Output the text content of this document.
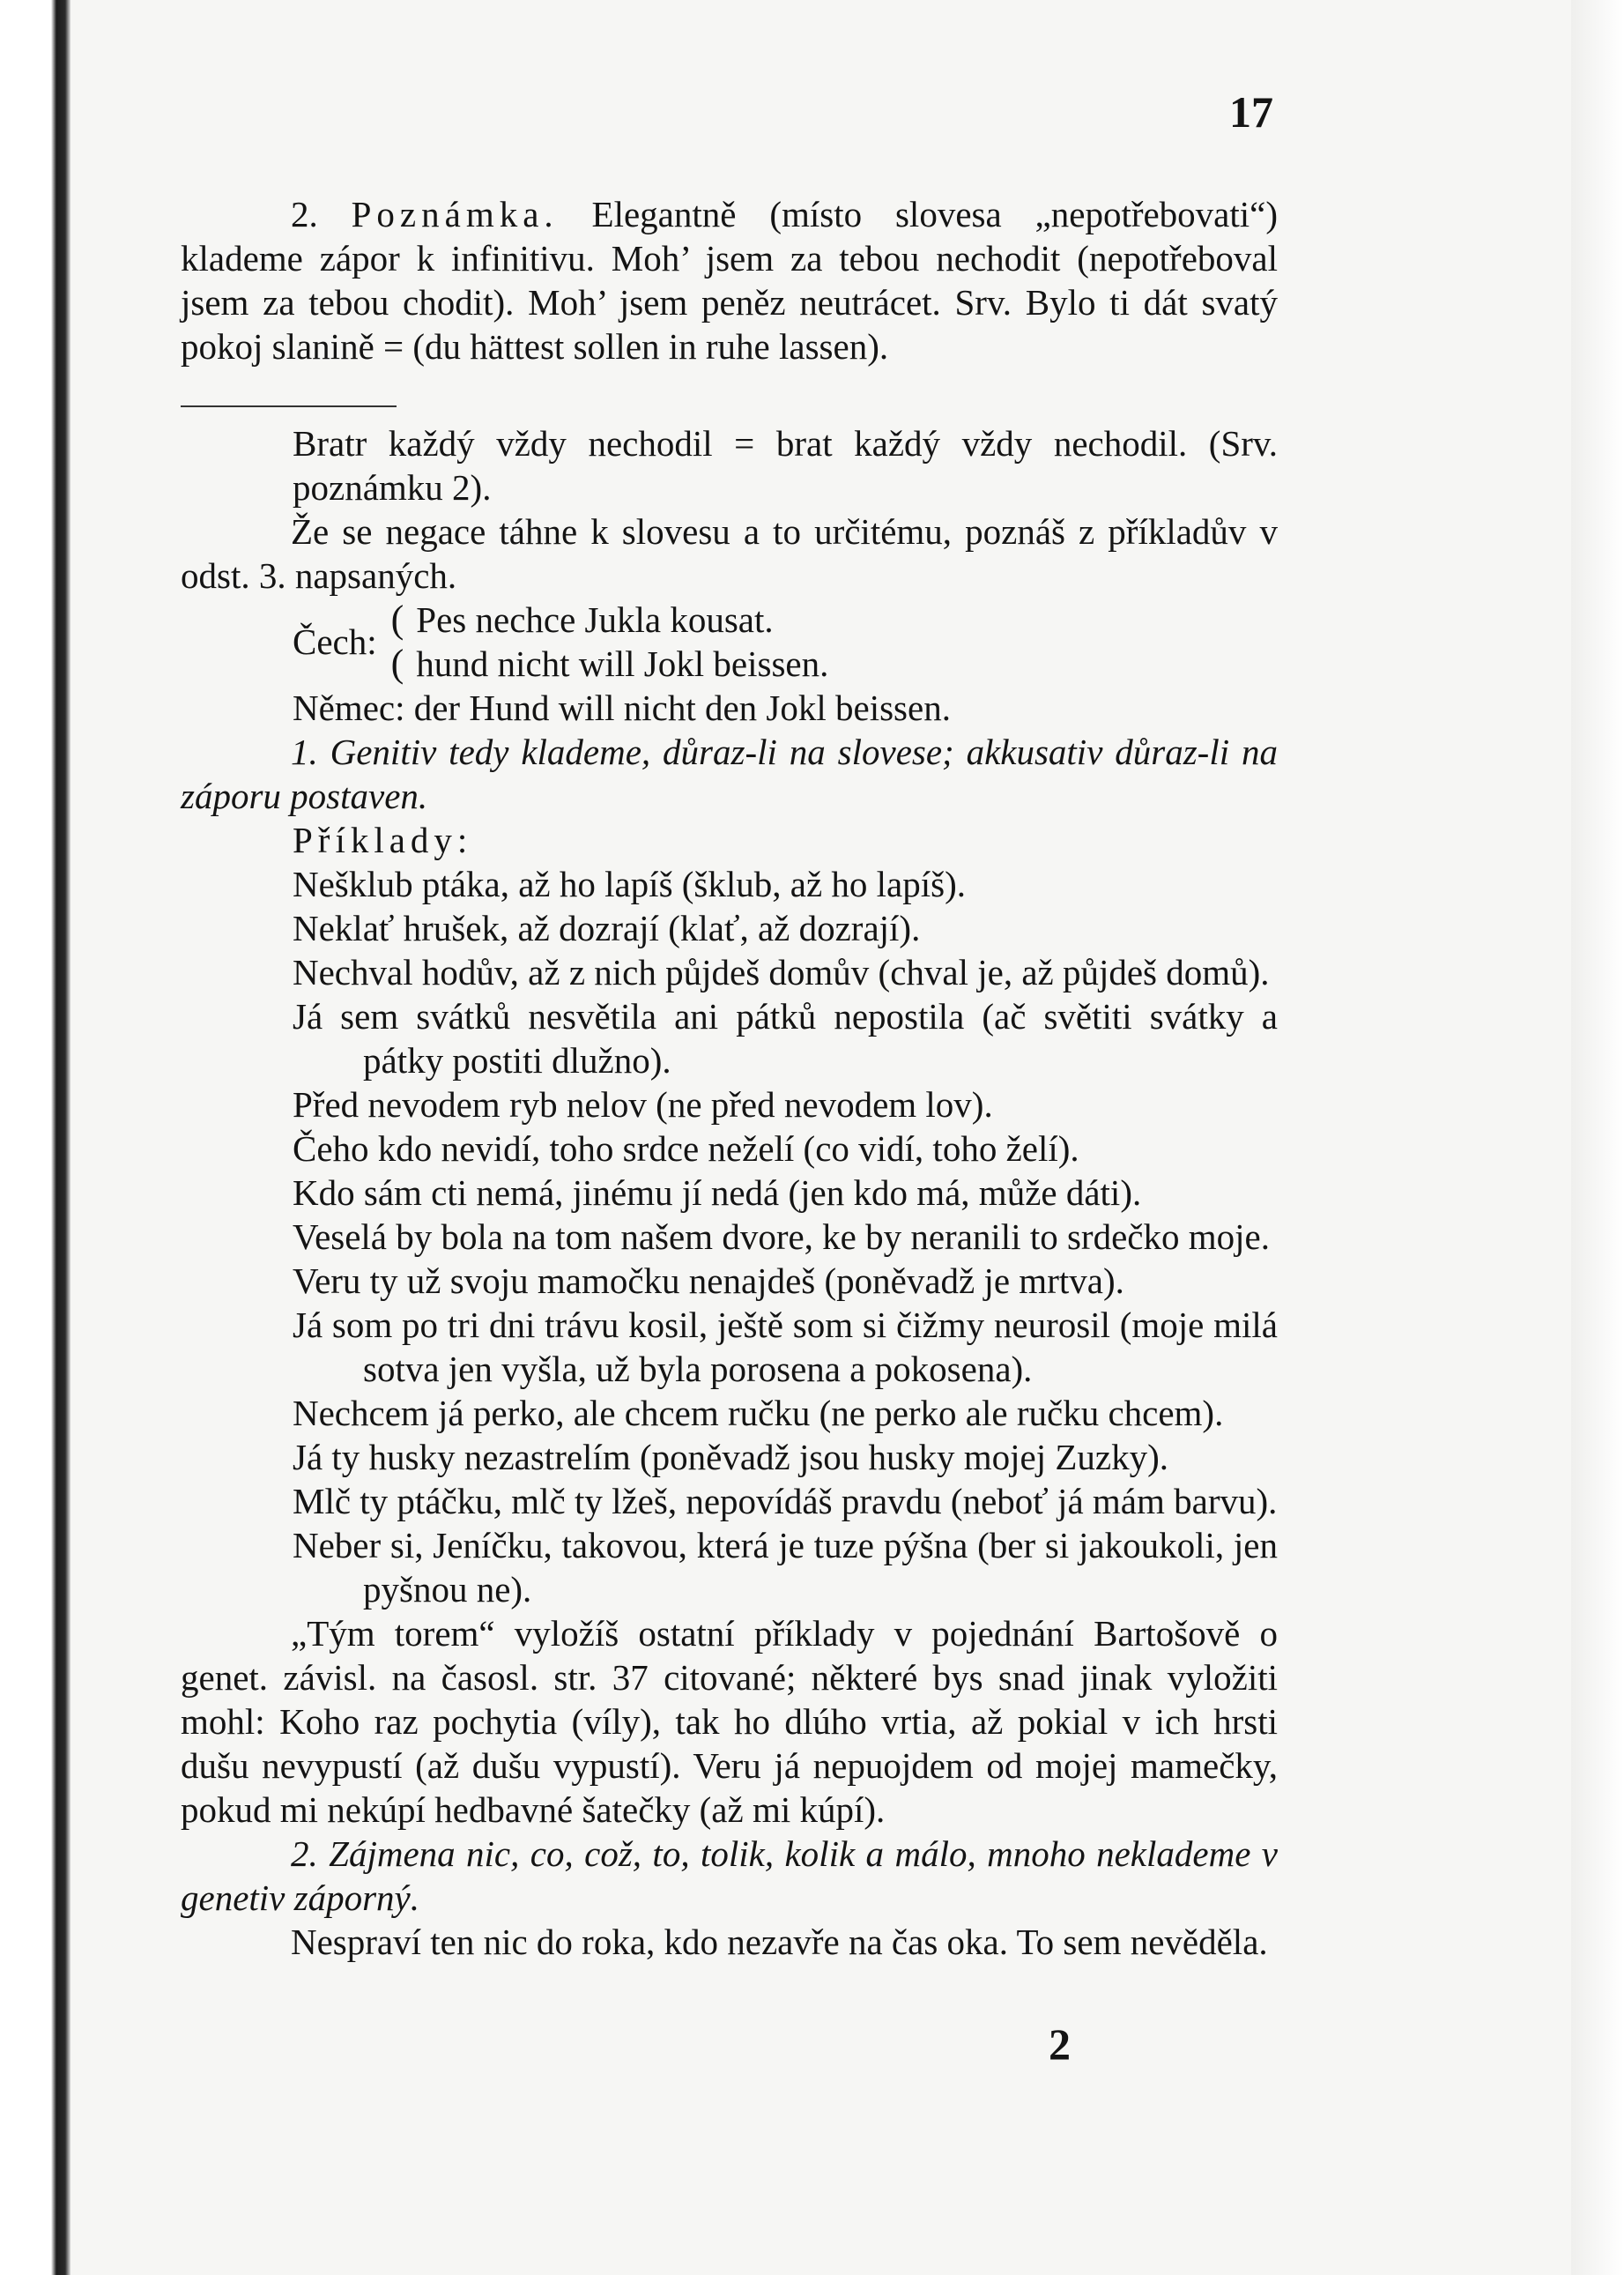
17

2. Poznámka. Elegantně (místo slovesa „nepotřebovati“) klademe zápor k infinitivu. Moh’ jsem za tebou nechodit (nepotřeboval jsem za tebou chodit). Moh’ jsem peněz neutrácet. Srv. Bylo ti dát svatý pokoj slanině = (du hättest sollen in ruhe lassen).

Bratr každý vždy nechodil = brat každý vždy nechodil. (Srv. poznámku 2).

Že se negace táhne k slovesu a to určitému, poznáš z příkladův v odst. 3. napsaných.

Čech:
( Pes nechce Jukla kousat.
( hund nicht will Jokl beissen.

Němec: der Hund will nicht den Jokl beissen.

1. Genitiv tedy klademe, důraz-li na slovese; akkusativ důraz-li na záporu postaven.

Příklady:

Nešklub ptáka, až ho lapíš (šklub, až ho lapíš).

Neklať hrušek, až dozrají (klať, až dozrají).

Nechval hodův, až z nich půjdeš domův (chval je, až půjdeš domů).

Já sem svátků nesvětila ani pátků nepostila (ač světiti svátky a pátky postiti dlužno).

Před nevodem ryb nelov (ne před nevodem lov).

Čeho kdo nevidí, toho srdce neželí (co vidí, toho želí).

Kdo sám cti nemá, jinému jí nedá (jen kdo má, může dáti).

Veselá by bola na tom našem dvore, ke by neranili to srdečko moje.

Veru ty už svoju mamočku nenajdeš (poněvadž je mrtva).

Já som po tri dni trávu kosil, ještě som si čižmy neurosil (moje milá sotva jen vyšla, už byla porosena a pokosena).

Nechcem já perko, ale chcem ručku (ne perko ale ručku chcem).

Já ty husky nezastrelím (poněvadž jsou husky mojej Zuzky).

Mlč ty ptáčku, mlč ty lžeš, nepovídáš pravdu (neboť já mám barvu).

Neber si, Jeníčku, takovou, která je tuze pýšna (ber si jakoukoli, jen pyšnou ne).

„Tým torem“ vyložíš ostatní příklady v pojednání Bartošově o genet. závisl. na časosl. str. 37 citované; některé bys snad jinak vyložiti mohl: Koho raz pochytia (víly), tak ho dlúho vrtia, až pokial v ich hrsti dušu nevypustí (až dušu vypustí). Veru já nepuojdem od mojej mamečky, pokud mi nekúpí hedbavné šatečky (až mi kúpí).

2. Zájmena nic, co, což, to, tolik, kolik a málo, mnoho neklademe v genetiv záporný.

Nespraví ten nic do roka, kdo nezavře na čas oka. To sem nevěděla.

2
